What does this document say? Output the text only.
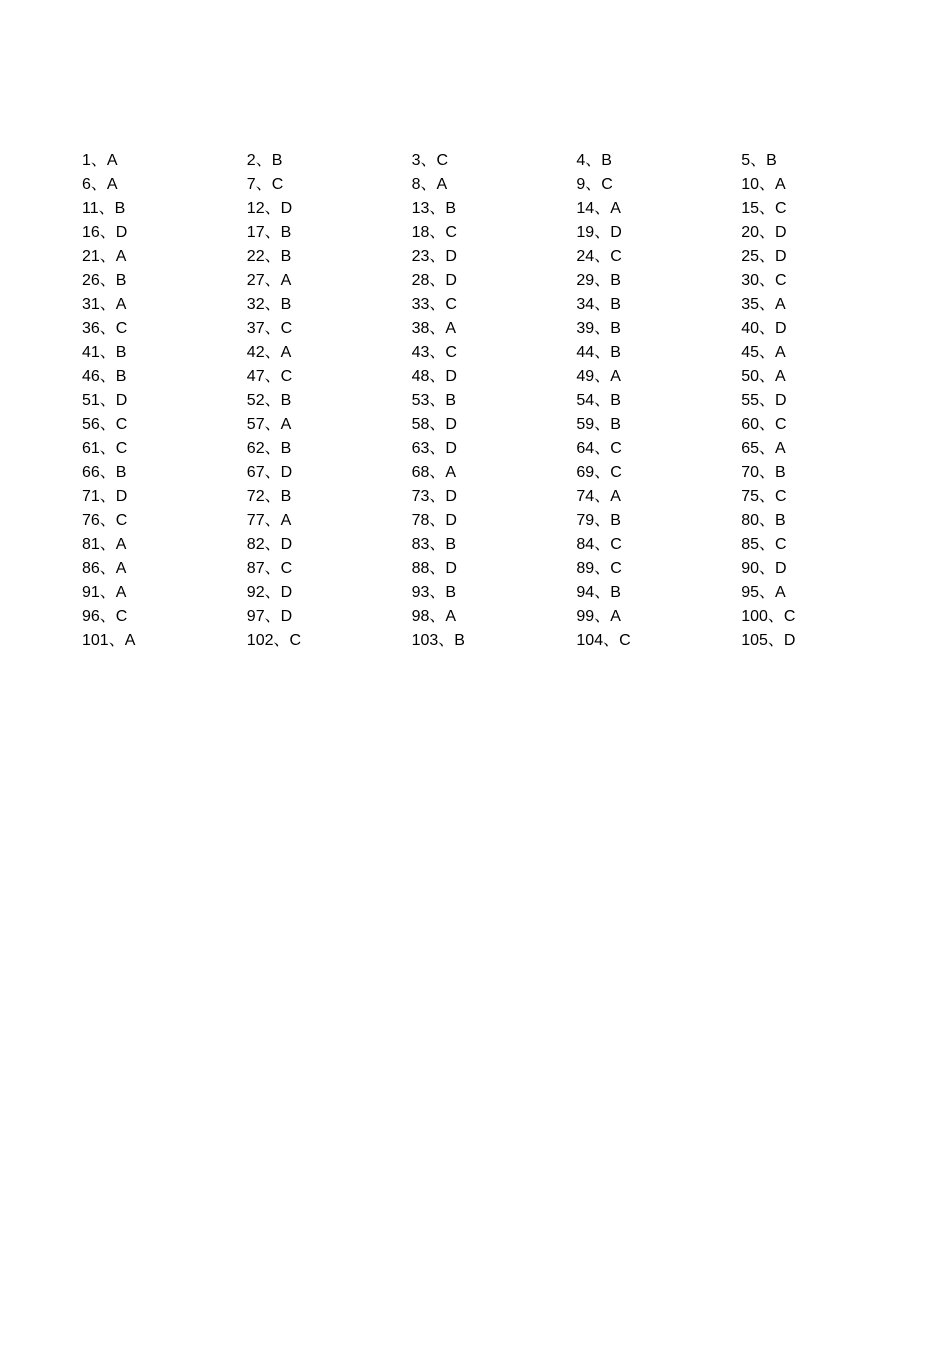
1、A	2、B	3、C	4、B	5、B
6、A	7、C	8、A	9、C	10、A
11、B	12、D	13、B	14、A	15、C
16、D	17、B	18、C	19、D	20、D
21、A	22、B	23、D	24、C	25、D
26、B	27、A	28、D	29、B	30、C
31、A	32、B	33、C	34、B	35、A
36、C	37、C	38、A	39、B	40、D
41、B	42、A	43、C	44、B	45、A
46、B	47、C	48、D	49、A	50、A
51、D	52、B	53、B	54、B	55、D
56、C	57、A	58、D	59、B	60、C
61、C	62、B	63、D	64、C	65、A
66、B	67、D	68、A	69、C	70、B
71、D	72、B	73、D	74、A	75、C
76、C	77、A	78、D	79、B	80、B
81、A	82、D	83、B	84、C	85、C
86、A	87、C	88、D	89、C	90、D
91、A	92、D	93、B	94、B	95、A
96、C	97、D	98、A	99、A	100、C
101、A	102、C	103、B	104、C	105、D
